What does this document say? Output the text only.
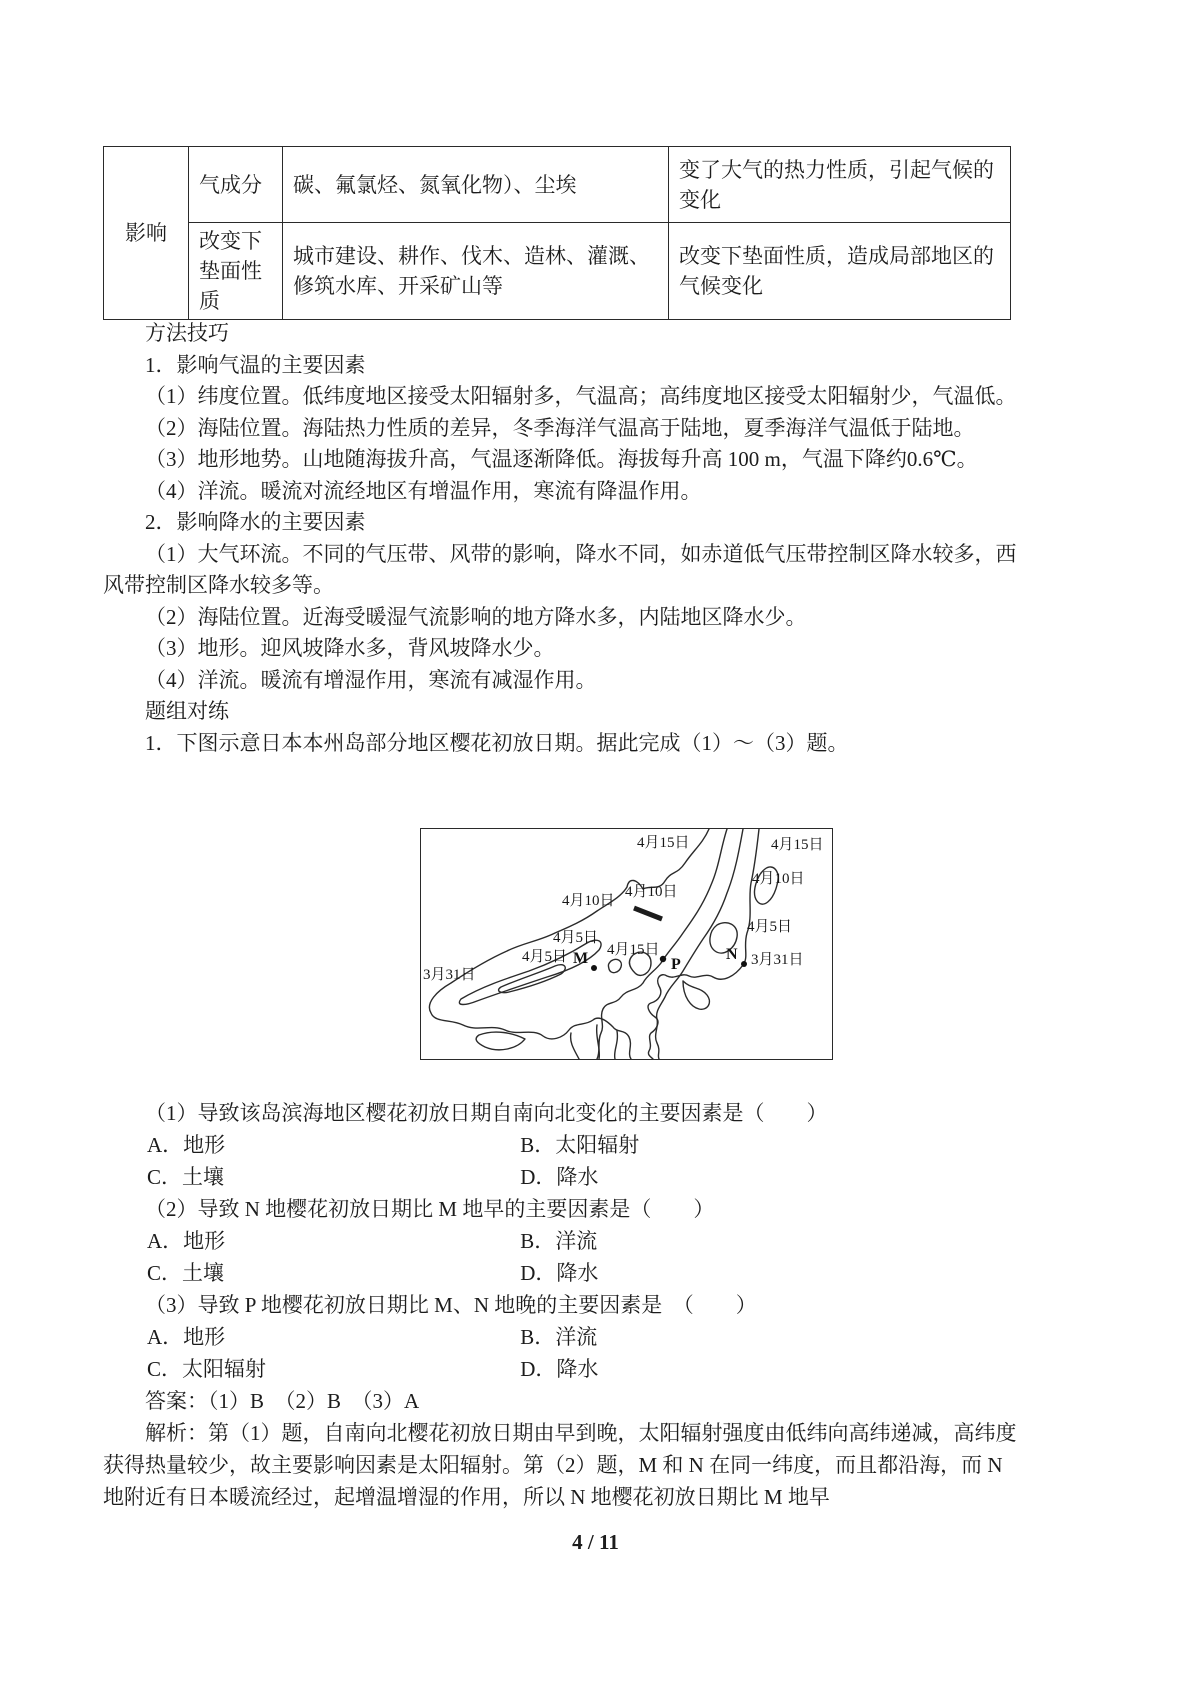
影响	气成分	碳、氟氯烃、氮氧化物）、尘埃	变了大气的热力性质，引起气候的变化
	改变下垫面性质	城市建设、耕作、伐木、造林、灌溉、修筑水库、开采矿山等	改变下垫面性质，造成局部地区的气候变化

方法技巧

1．影响气温的主要因素

（1）纬度位置。低纬度地区接受太阳辐射多，气温高；高纬度地区接受太阳辐射少，气温低。

（2）海陆位置。海陆热力性质的差异，冬季海洋气温高于陆地，夏季海洋气温低于陆地。

（3）地形地势。山地随海拔升高，气温逐渐降低。海拔每升高 100 m，气温下降约0.6℃。

（4）洋流。暖流对流经地区有增温作用，寒流有降温作用。

2．影响降水的主要因素

（1）大气环流。不同的气压带、风带的影响，降水不同，如赤道低气压带控制区降水较多，西风带控制区降水较多等。

（2）海陆位置。近海受暖湿气流影响的地方降水多，内陆地区降水少。

（3）地形。迎风坡降水多，背风坡降水少。

（4）洋流。暖流有增湿作用，寒流有减湿作用。

题组对练

1．下图示意日本本州岛部分地区樱花初放日期。据此完成（1）～（3）题。

4月15日	4月15日
4月10日
4月10日
4月10日
4月5日
4月5日
4月5日	4月15日
3月31日
3月31日
M	P
N

（1）导致该岛滨海地区樱花初放日期自南向北变化的主要因素是（　　）

A．地形	B．太阳辐射
C．土壤	D．降水

（2）导致 N 地樱花初放日期比 M 地早的主要因素是（　　）

A．地形	B．洋流
C．土壤	D．降水

（3）导致 P 地樱花初放日期比 M、N 地晚的主要因素是　（　　）

A．地形	B．洋流
C．太阳辐射	D．降水

答案：（1）B　（2）B　（3）A

解析：第（1）题，自南向北樱花初放日期由早到晚，太阳辐射强度由低纬向高纬递减，高纬度获得热量较少，故主要影响因素是太阳辐射。第（2）题，M 和 N 在同一纬度，而且都沿海，而 N 地附近有日本暖流经过，起增温增湿的作用，所以 N 地樱花初放日期比 M 地早

4 / 11
